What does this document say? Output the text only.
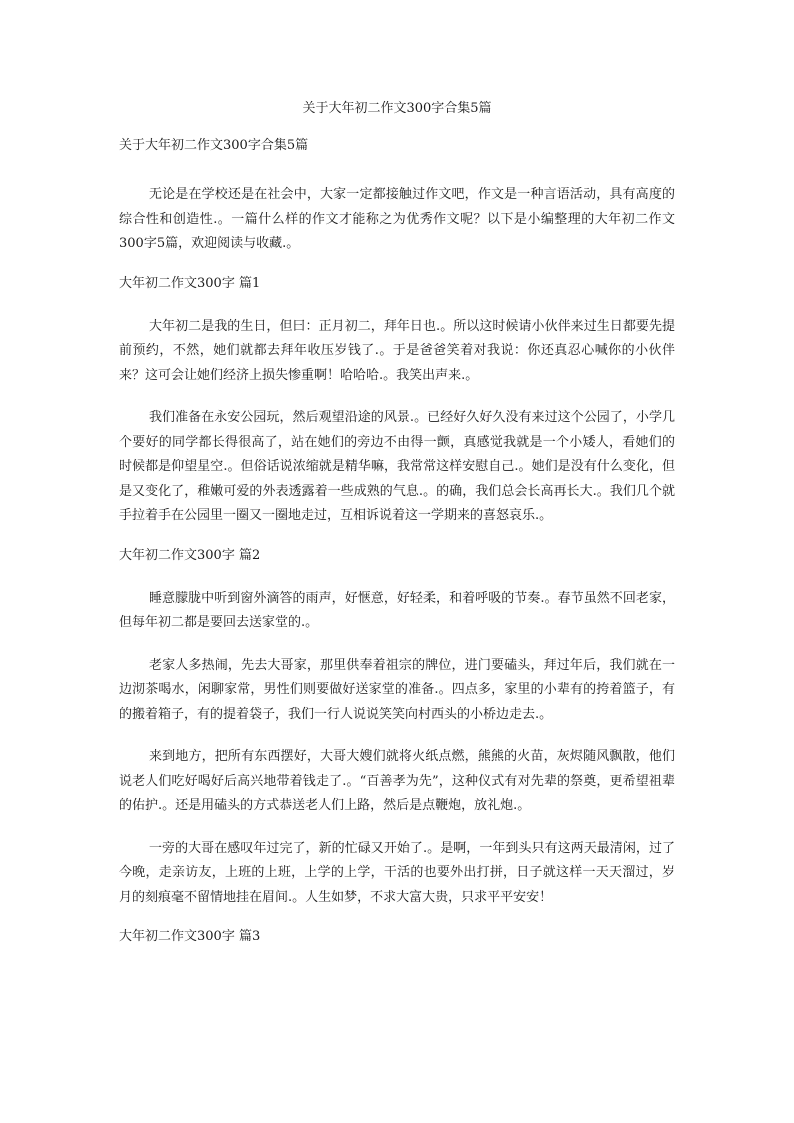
关于大年初二作文300字合集5篇
关于大年初二作文300字合集5篇

无论是在学校还是在社会中，大家一定都接触过作文吧，作文是一种言语活动，具有高度的综合性和创造性.。一篇什么样的作文才能称之为优秀作文呢？以下是小编整理的大年初二作文300字5篇，欢迎阅读与收藏.。

大年初二作文300字 篇1

大年初二是我的生日，但曰：正月初二，拜年日也.。所以这时候请小伙伴来过生日都要先提前预约，不然，她们就都去拜年收压岁钱了.。于是爸爸笑着对我说：你还真忍心喊你的小伙伴来？这可会让她们经济上损失惨重啊！哈哈哈.。我笑出声来.。

我们准备在永安公园玩，然后观望沿途的风景.。已经好久好久没有来过这个公园了，小学几个要好的同学都长得很高了，站在她们的旁边不由得一颤，真感觉我就是一个小矮人，看她们的时候都是仰望星空.。但俗话说浓缩就是精华嘛，我常常这样安慰自己.。她们是没有什么变化，但是又变化了，稚嫩可爱的外表透露着一些成熟的气息.。的确，我们总会长高再长大.。我们几个就手拉着手在公园里一圈又一圈地走过，互相诉说着这一学期来的喜怒哀乐.。

大年初二作文300字 篇2

睡意朦胧中听到窗外滴答的雨声，好惬意，好轻柔，和着呼吸的节奏.。春节虽然不回老家，但每年初二都是要回去送家堂的.。

老家人多热闹，先去大哥家，那里供奉着祖宗的牌位，进门要磕头，拜过年后，我们就在一边沏茶喝水，闲聊家常，男性们则要做好送家堂的准备.。四点多，家里的小辈有的挎着篮子，有的搬着箱子，有的提着袋子，我们一行人说说笑笑向村西头的小桥边走去.。

来到地方，把所有东西摆好，大哥大嫂们就将火纸点燃，熊熊的火苗，灰烬随风飘散，他们说老人们吃好喝好后高兴地带着钱走了.。“百善孝为先”，这种仪式有对先辈的祭奠，更希望祖辈的佑护.。还是用磕头的方式恭送老人们上路，然后是点鞭炮，放礼炮.。

一旁的大哥在感叹年过完了，新的忙碌又开始了.。是啊，一年到头只有这两天最清闲，过了今晚，走亲访友，上班的上班，上学的上学，干活的也要外出打拼，日子就这样一天天溜过，岁月的刻痕毫不留情地挂在眉间.。人生如梦，不求大富大贵，只求平平安安！

大年初二作文300字 篇3
